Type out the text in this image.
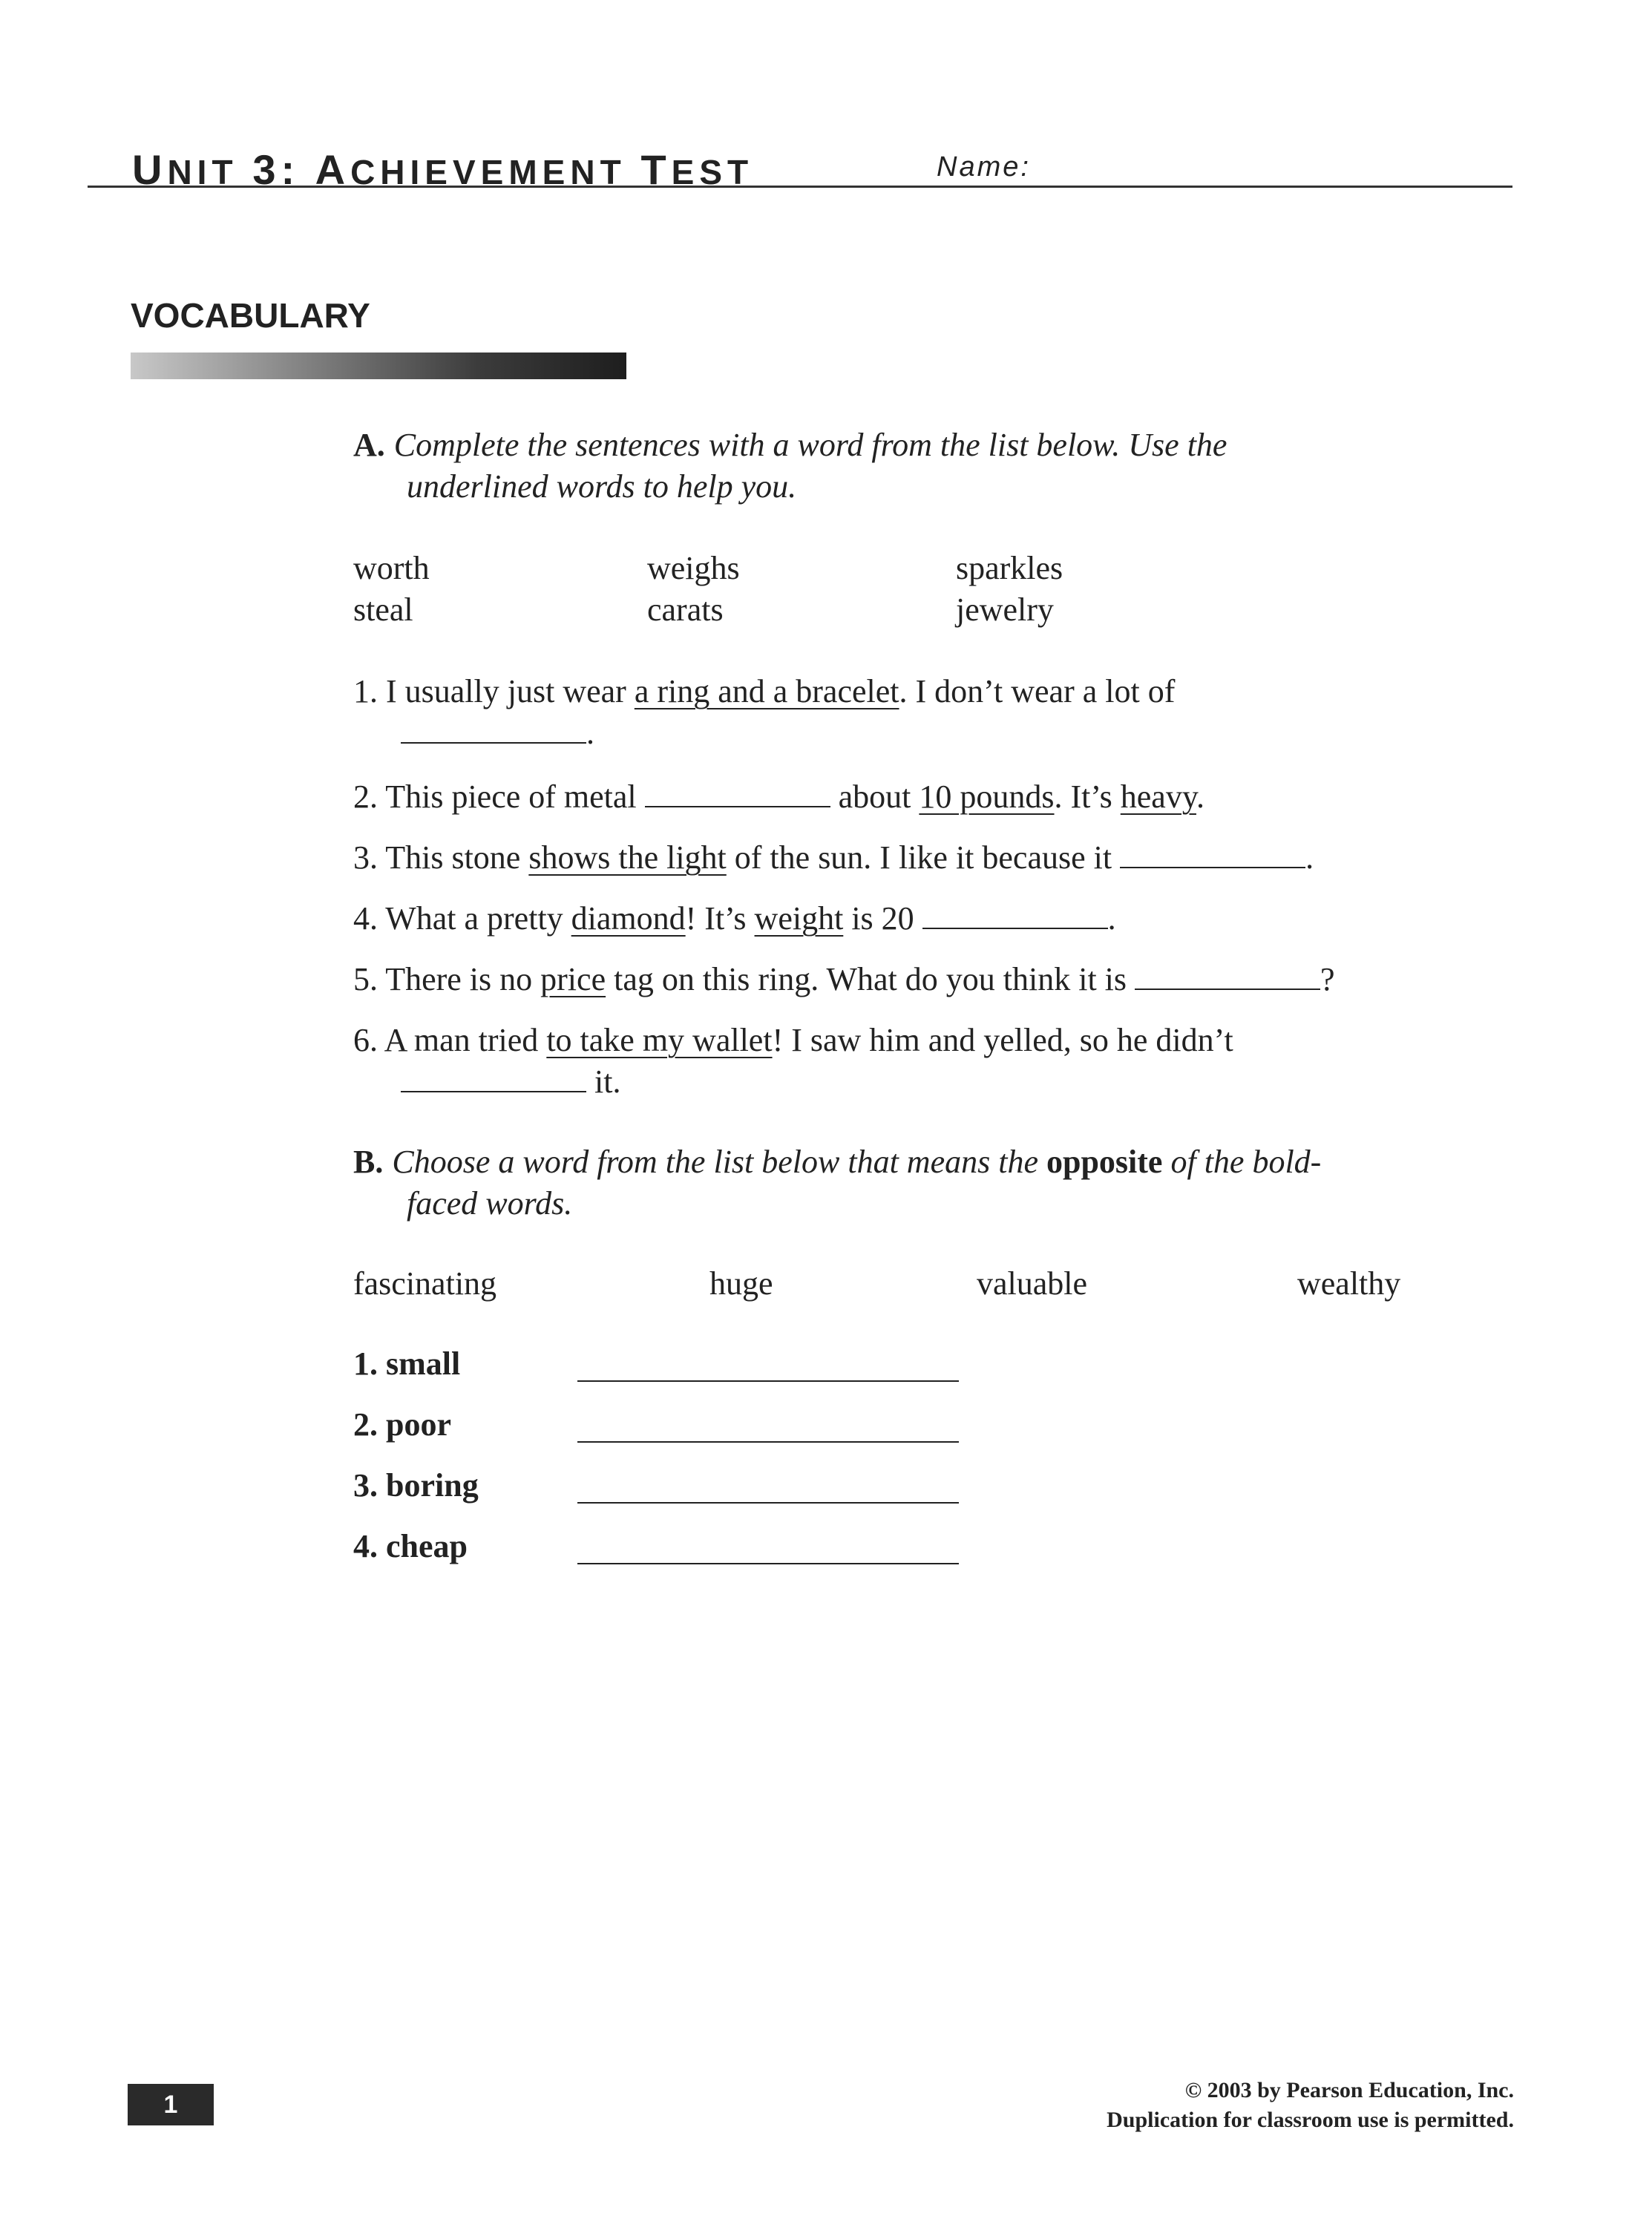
UNIT 3: ACHIEVEMENT TEST	Name:
VOCABULARY
A. Complete the sentences with a word from the list below. Use the
underlined words to help you.
worth	weighs	sparkles
steal	carats	jewelry
1. I usually just wear a ring and a bracelet. I don’t wear a lot of
.
2. This piece of metal	about 10 pounds. It’s heavy.
3. This stone shows the light of the sun. I like it because it	.
4. What a pretty diamond! It’s weight is 20	.
5. There is no price tag on this ring. What do you think it is	?
6. A man tried to take my wallet! I saw him and yelled, so he didn’t
it.
B. Choose a word from the list below that means the opposite of the bold-
faced words.
fascinating	huge	valuable	wealthy
1. small
2. poor
3. boring
4. cheap
1
© 2003 by Pearson Education, Inc.
Duplication for classroom use is permitted.
